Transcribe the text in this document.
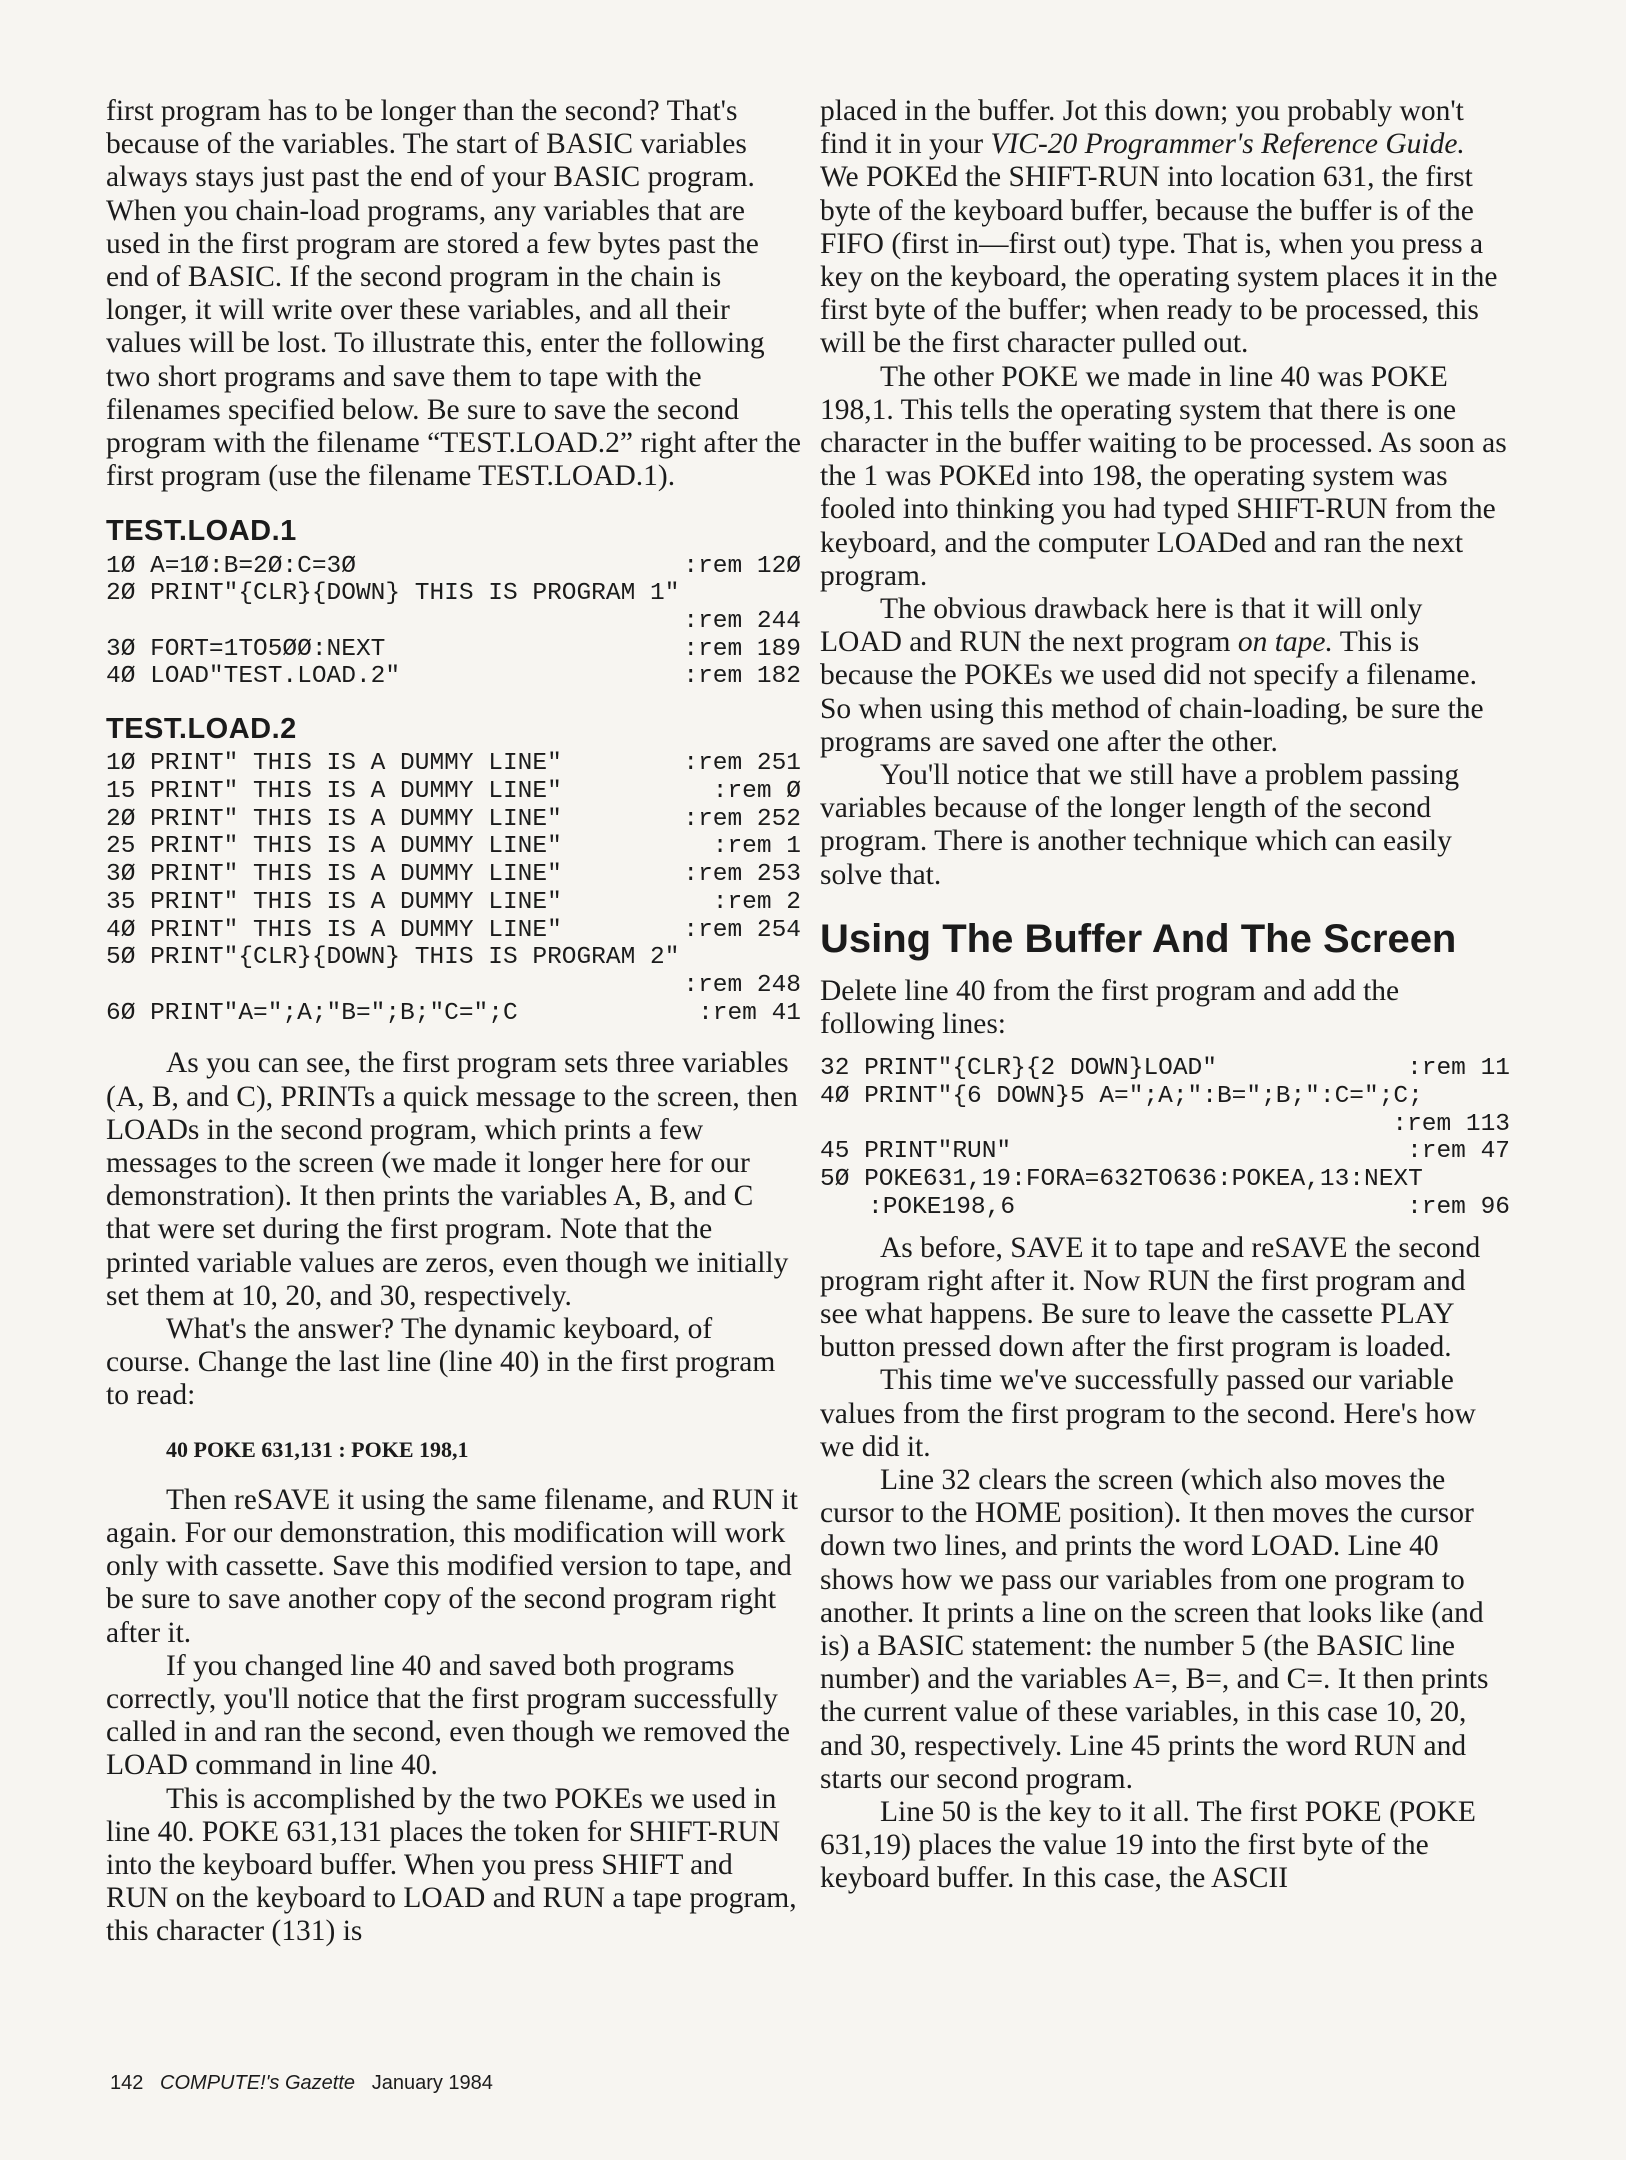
first program has to be longer than the second? That's because of the variables. The start of BASIC variables always stays just past the end of your BASIC program. When you chain-load programs, any variables that are used in the first program are stored a few bytes past the end of BASIC. If the second program in the chain is longer, it will write over these variables, and all their values will be lost. To illustrate this, enter the following two short programs and save them to tape with the filenames specified below. Be sure to save the second program with the filename “TEST.LOAD.2” right after the first program (use the filename TEST.LOAD.1).

TEST.LOAD.1
1Ø A=1Ø:B=2Ø:C=3Ø	:rem 12Ø
2Ø PRINT"{CLR}{DOWN} THIS IS PROGRAM 1"
:rem 244
3Ø FORT=1TO5ØØ:NEXT	:rem 189
4Ø LOAD"TEST.LOAD.2"	:rem 182
TEST.LOAD.2
1Ø PRINT" THIS IS A DUMMY LINE"	:rem 251
15 PRINT" THIS IS A DUMMY LINE"	:rem Ø
2Ø PRINT" THIS IS A DUMMY LINE"	:rem 252
25 PRINT" THIS IS A DUMMY LINE"	:rem 1
3Ø PRINT" THIS IS A DUMMY LINE"	:rem 253
35 PRINT" THIS IS A DUMMY LINE"	:rem 2
4Ø PRINT" THIS IS A DUMMY LINE"	:rem 254
5Ø PRINT"{CLR}{DOWN} THIS IS PROGRAM 2"
:rem 248
6Ø PRINT"A=";A;"B=";B;"C=";C	:rem 41

As you can see, the first program sets three variables (A, B, and C), PRINTs a quick message to the screen, then LOADs in the second program, which prints a few messages to the screen (we made it longer here for our demonstration). It then prints the variables A, B, and C that were set during the first program. Note that the printed variable values are zeros, even though we initially set them at 10, 20, and 30, respectively.

What's the answer? The dynamic keyboard, of course. Change the last line (line 40) in the first program to read:

40 POKE 631,131 : POKE 198,1

Then reSAVE it using the same filename, and RUN it again. For our demonstration, this modification will work only with cassette. Save this modified version to tape, and be sure to save another copy of the second program right after it.

If you changed line 40 and saved both programs correctly, you'll notice that the first program successfully called in and ran the second, even though we removed the LOAD command in line 40.

This is accomplished by the two POKEs we used in line 40. POKE 631,131 places the token for SHIFT-RUN into the keyboard buffer. When you press SHIFT and RUN on the keyboard to LOAD and RUN a tape program, this character (131) is

placed in the buffer. Jot this down; you probably won't find it in your VIC-20 Programmer's Reference Guide. We POKEd the SHIFT-RUN into location 631, the first byte of the keyboard buffer, because the buffer is of the FIFO (first in—first out) type. That is, when you press a key on the keyboard, the operating system places it in the first byte of the buffer; when ready to be processed, this will be the first character pulled out.

The other POKE we made in line 40 was POKE 198,1. This tells the operating system that there is one character in the buffer waiting to be processed. As soon as the 1 was POKEd into 198, the operating system was fooled into thinking you had typed SHIFT-RUN from the keyboard, and the computer LOADed and ran the next program.

The obvious drawback here is that it will only LOAD and RUN the next program on tape. This is because the POKEs we used did not specify a filename. So when using this method of chain-loading, be sure the programs are saved one after the other.

You'll notice that we still have a problem passing variables because of the longer length of the second program. There is another technique which can easily solve that.

Using The Buffer And The Screen

Delete line 40 from the first program and add the following lines:

32 PRINT"{CLR}{2 DOWN}LOAD"	:rem 11
4Ø PRINT"{6 DOWN}5 A=";A;":B=";B;":C=";C;
:rem 113
45 PRINT"RUN"	:rem 47
5Ø POKE631,19:FORA=632TO636:POKEA,13:NEXT
:POKE198,6	:rem 96

As before, SAVE it to tape and reSAVE the second program right after it. Now RUN the first program and see what happens. Be sure to leave the cassette PLAY button pressed down after the first program is loaded.

This time we've successfully passed our variable values from the first program to the second. Here's how we did it.

Line 32 clears the screen (which also moves the cursor to the HOME position). It then moves the cursor down two lines, and prints the word LOAD. Line 40 shows how we pass our variables from one program to another. It prints a line on the screen that looks like (and is) a BASIC statement: the number 5 (the BASIC line number) and the variables A=, B=, and C=. It then prints the current value of these variables, in this case 10, 20, and 30, respectively. Line 45 prints the word RUN and starts our second program.

Line 50 is the key to it all. The first POKE (POKE 631,19) places the value 19 into the first byte of the keyboard buffer. In this case, the ASCII

142 COMPUTE!'s Gazette January 1984
